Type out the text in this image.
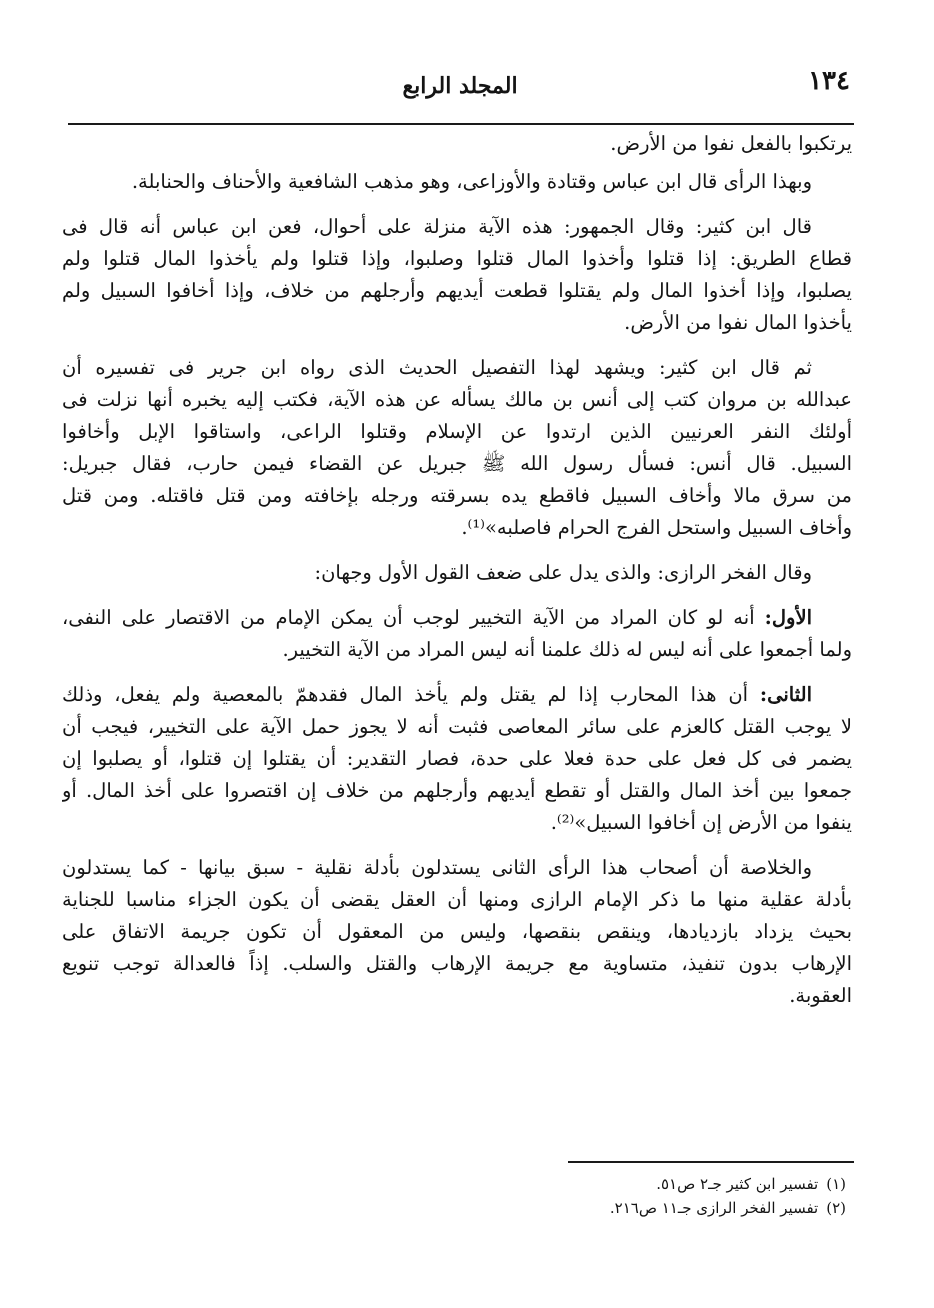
١٣٤
المجلد الرابع
يرتكبوا بالفعل نفوا من الأرض.
وبهذا الرأى قال ابن عباس وقتادة والأوزاعى، وهو مذهب الشافعية والأحناف والحنابلة.
قال ابن كثير: وقال الجمهور: هذه الآية منزلة على أحوال، فعن ابن عباس أنه قال فى
قطاع الطريق: إذا قتلوا وأخذوا المال قتلوا وصلبوا، وإذا قتلوا ولم يأخذوا المال قتلوا ولم
يصلبوا، وإذا أخذوا المال ولم يقتلوا قطعت أيديهم وأرجلهم من خلاف، وإذا أخافوا السبيل ولم
يأخذوا المال نفوا من الأرض.
ثم قال ابن كثير: ويشهد لهذا التفصيل الحديث الذى رواه ابن جرير فى تفسيره أن
عبدالله بن مروان كتب إلى أنس بن مالك يسأله عن هذه الآية، فكتب إليه يخبره أنها نزلت فى
أولئك النفر العرنيين الذين ارتدوا عن الإسلام وقتلوا الراعى، واستاقوا الإبل وأخافوا
السبيل. قال أنس: فسأل رسول الله ﷺ جبريل عن القضاء فيمن حارب، فقال جبريل:
من سرق مالا وأخاف السبيل فاقطع يده بسرقته ورجله بإخافته ومن قتل فاقتله. ومن قتل
وأخاف السبيل واستحل الفرج الحرام فاصلبه»⁽¹⁾.
وقال الفخر الرازى: والذى يدل على ضعف القول الأول وجهان:
الأول: أنه لو كان المراد من الآية التخيير لوجب أن يمكن الإمام من الاقتصار على النفى،
ولما أجمعوا على أنه ليس له ذلك علمنا أنه ليس المراد من الآية التخيير.
الثانى: أن هذا المحارب إذا لم يقتل ولم يأخذ المال فقدهمّ بالمعصية ولم يفعل، وذلك
لا يوجب القتل كالعزم على سائر المعاصى فثبت أنه لا يجوز حمل الآية على التخيير، فيجب أن
يضمر فى كل فعل على حدة فعلا على حدة، فصار التقدير: أن يقتلوا إن قتلوا، أو يصلبوا إن
جمعوا بين أخذ المال والقتل أو تقطع أيديهم وأرجلهم من خلاف إن اقتصروا على أخذ المال. أو
ينفوا من الأرض إن أخافوا السبيل»⁽²⁾.
والخلاصة أن أصحاب هذا الرأى الثانى يستدلون بأدلة نقلية - سبق بيانها - كما يستدلون
بأدلة عقلية منها ما ذكر الإمام الرازى ومنها أن العقل يقضى أن يكون الجزاء مناسبا للجناية
بحيث يزداد بازديادها، وينقص بنقصها، وليس من المعقول أن تكون جريمة الاتفاق على
الإرهاب بدون تنفيذ، متساوية مع جريمة الإرهاب والقتل والسلب. إذاً فالعدالة توجب تنويع
العقوبة.
(١)تفسير ابن كثير جـ٢ ص٥١.
(٢)تفسير الفخر الرازى جـ١١ ص٢١٦.
